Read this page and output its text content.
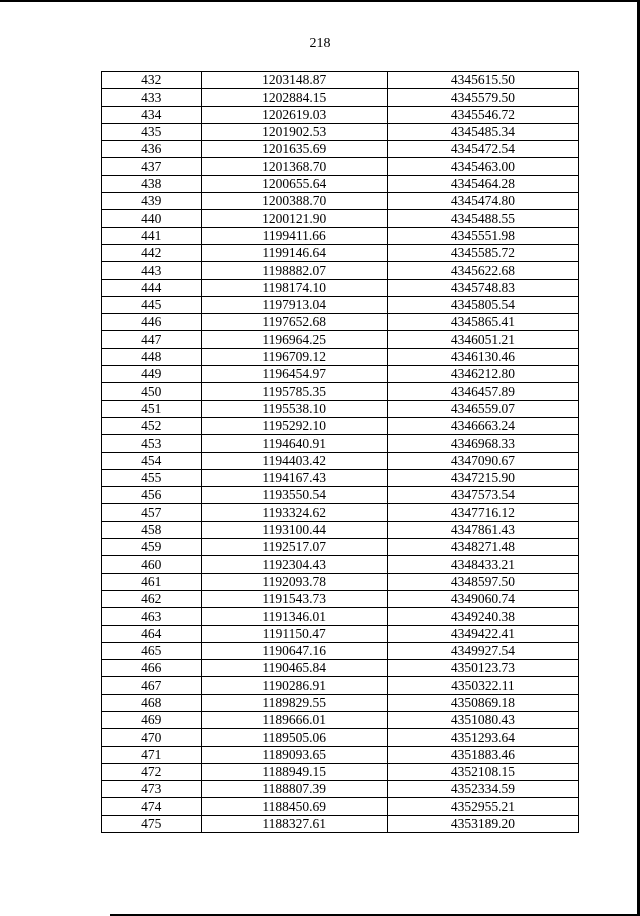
218
432	1203148.87	4345615.50
433	1202884.15	4345579.50
434	1202619.03	4345546.72
435	1201902.53	4345485.34
436	1201635.69	4345472.54
437	1201368.70	4345463.00
438	1200655.64	4345464.28
439	1200388.70	4345474.80
440	1200121.90	4345488.55
441	1199411.66	4345551.98
442	1199146.64	4345585.72
443	1198882.07	4345622.68
444	1198174.10	4345748.83
445	1197913.04	4345805.54
446	1197652.68	4345865.41
447	1196964.25	4346051.21
448	1196709.12	4346130.46
449	1196454.97	4346212.80
450	1195785.35	4346457.89
451	1195538.10	4346559.07
452	1195292.10	4346663.24
453	1194640.91	4346968.33
454	1194403.42	4347090.67
455	1194167.43	4347215.90
456	1193550.54	4347573.54
457	1193324.62	4347716.12
458	1193100.44	4347861.43
459	1192517.07	4348271.48
460	1192304.43	4348433.21
461	1192093.78	4348597.50
462	1191543.73	4349060.74
463	1191346.01	4349240.38
464	1191150.47	4349422.41
465	1190647.16	4349927.54
466	1190465.84	4350123.73
467	1190286.91	4350322.11
468	1189829.55	4350869.18
469	1189666.01	4351080.43
470	1189505.06	4351293.64
471	1189093.65	4351883.46
472	1188949.15	4352108.15
473	1188807.39	4352334.59
474	1188450.69	4352955.21
475	1188327.61	4353189.20
